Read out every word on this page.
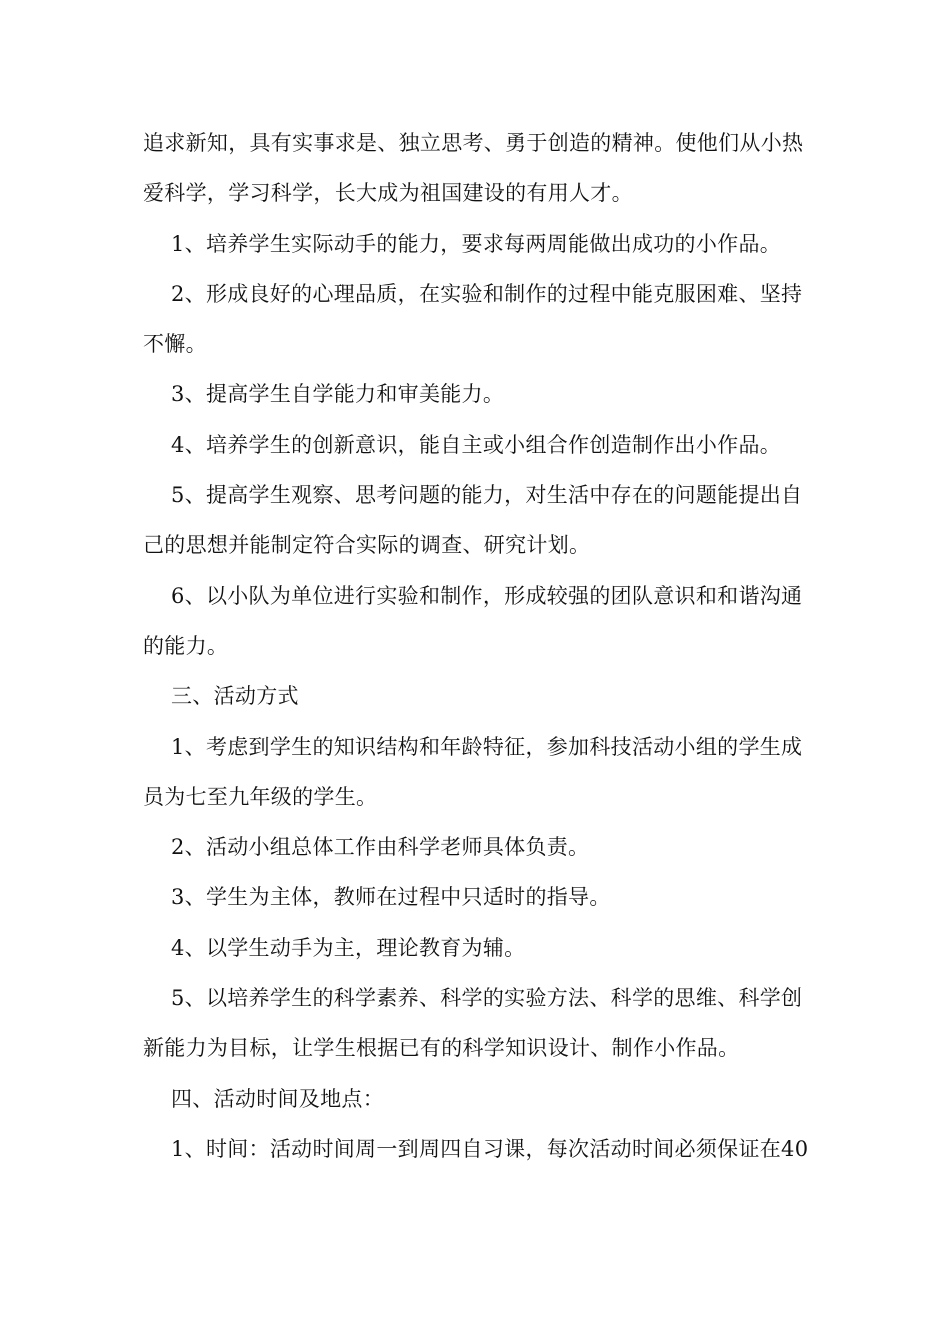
追求新知，具有实事求是、独立思考、勇于创造的精神。使他们从小热
爱科学，学习科学，长大成为祖国建设的有用人才。
1、培养学生实际动手的能力，要求每两周能做出成功的小作品。
2、形成良好的心理品质，在实验和制作的过程中能克服困难、坚持
不懈。
3、提高学生自学能力和审美能力。
4、培养学生的创新意识，能自主或小组合作创造制作出小作品。
5、提高学生观察、思考问题的能力，对生活中存在的问题能提出自
己的思想并能制定符合实际的调查、研究计划。
6、以小队为单位进行实验和制作，形成较强的团队意识和和谐沟通
的能力。
三、活动方式
1、考虑到学生的知识结构和年龄特征，参加科技活动小组的学生成
员为七至九年级的学生。
2、活动小组总体工作由科学老师具体负责。
3、学生为主体，教师在过程中只适时的指导。
4、以学生动手为主，理论教育为辅。
5、以培养学生的科学素养、科学的实验方法、科学的思维、科学创
新能力为目标，让学生根据已有的科学知识设计、制作小作品。
四、活动时间及地点：
1、时间：活动时间周一到周四自习课，每次活动时间必须保证在40
